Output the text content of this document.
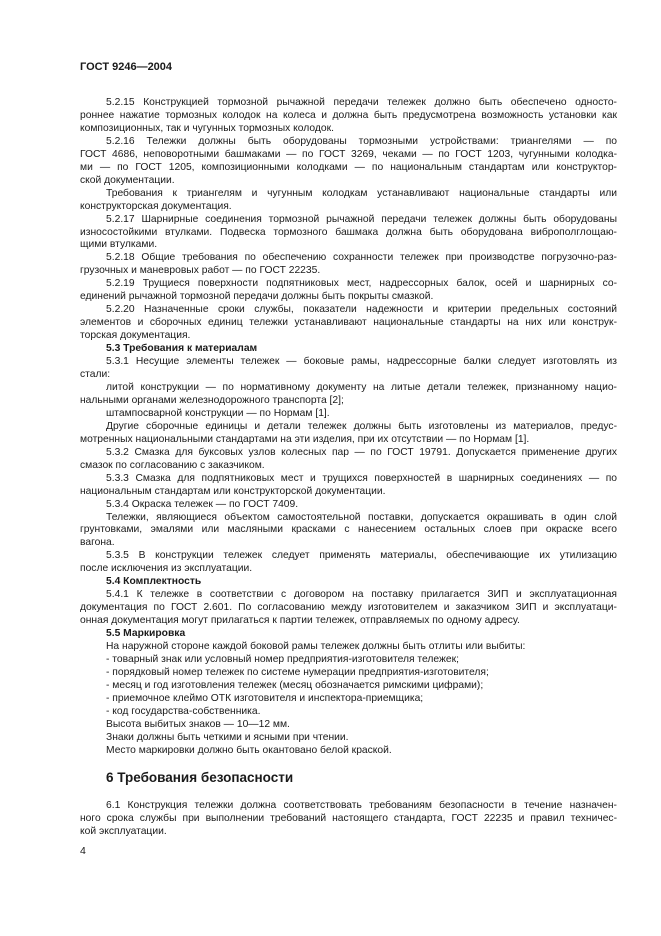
ГОСТ 9246—2004
5.2.15 Конструкцией тормозной рычажной передачи тележек должно быть обеспечено односто-
роннее нажатие тормозных колодок на колеса и должна быть предусмотрена возможность установки как
композиционных, так и чугунных тормозных колодок.
5.2.16 Тележки должны быть оборудованы тормозными устройствами: триангелями — по
ГОСТ 4686, неповоротными башмаками — по ГОСТ 3269, чеками — по ГОСТ 1203, чугунными колодка-
ми — по ГОСТ 1205, композиционными колодками — по национальным стандартам или конструктор-
ской документации.
Требования к триангелям и чугунным колодкам устанавливают национальные стандарты или
конструкторская документация.
5.2.17 Шарнирные соединения тормозной рычажной передачи тележек должны быть оборудованы
износостойкими втулками. Подвеска тормозного башмака должна быть оборудована виброполглощаю-
щими втулками.
5.2.18 Общие требования по обеспечению сохранности тележек при производстве погрузочно-раз-
грузочных и маневровых работ — по ГОСТ 22235.
5.2.19 Трущиеся поверхности подпятниковых мест, надрессорных балок, осей и шарнирных со-
единений рычажной тормозной передачи должны быть покрыты смазкой.
5.2.20 Назначенные сроки службы, показатели надежности и критерии предельных состояний
элементов и сборочных единиц тележки устанавливают национальные стандарты на них или конструк-
торская документация.
5.3 Требования к материалам
5.3.1 Несущие элементы тележек — боковые рамы, надрессорные балки следует изготовлять из
стали:
литой конструкции — по нормативному документу на литые детали тележек, признанному нацио-
нальными органами железнодорожного транспорта [2];
штампосварной конструкции — по Нормам [1].
Другие сборочные единицы и детали тележек должны быть изготовлены из материалов, предус-
мотренных национальными стандартами на эти изделия, при их отсутствии — по Нормам [1].
5.3.2 Смазка для буксовых узлов колесных пар — по ГОСТ 19791. Допускается применение других
смазок по согласованию с заказчиком.
5.3.3 Смазка для подпятниковых мест и трущихся поверхностей в шарнирных соединениях — по
национальным стандартам или конструкторской документации.
5.3.4 Окраска тележек — по ГОСТ 7409.
Тележки, являющиеся объектом самостоятельной поставки, допускается окрашивать в один слой
грунтовками, эмалями или масляными красками с нанесением остальных слоев при окраске всего
вагона.
5.3.5 В конструкции тележек следует применять материалы, обеспечивающие их утилизацию
после исключения из эксплуатации.
5.4 Комплектность
5.4.1 К тележке в соответствии с договором на поставку прилагается ЗИП и эксплуатационная
документация по ГОСТ 2.601. По согласованию между изготовителем и заказчиком ЗИП и эксплуатаци-
онная документация могут прилагаться к партии тележек, отправляемых по одному адресу.
5.5 Маркировка
На наружной стороне каждой боковой рамы тележек должны быть отлиты или выбиты:
- товарный знак или условный номер предприятия-изготовителя тележек;
- порядковый номер тележек по системе нумерации предприятия-изготовителя;
- месяц и год изготовления тележек (месяц обозначается римскими цифрами);
- приемочное клеймо ОТК изготовителя и инспектора-приемщика;
- код государства-собственника.
Высота выбитых знаков — 10—12 мм.
Знаки должны быть четкими и ясными при чтении.
Место маркировки должно быть окантовано белой краской.
6 Требования безопасности
6.1 Конструкция тележки должна соответствовать требованиям безопасности в течение назначен-
ного срока службы при выполнении требований настоящего стандарта, ГОСТ 22235 и правил техничес-
кой эксплуатации.
4
